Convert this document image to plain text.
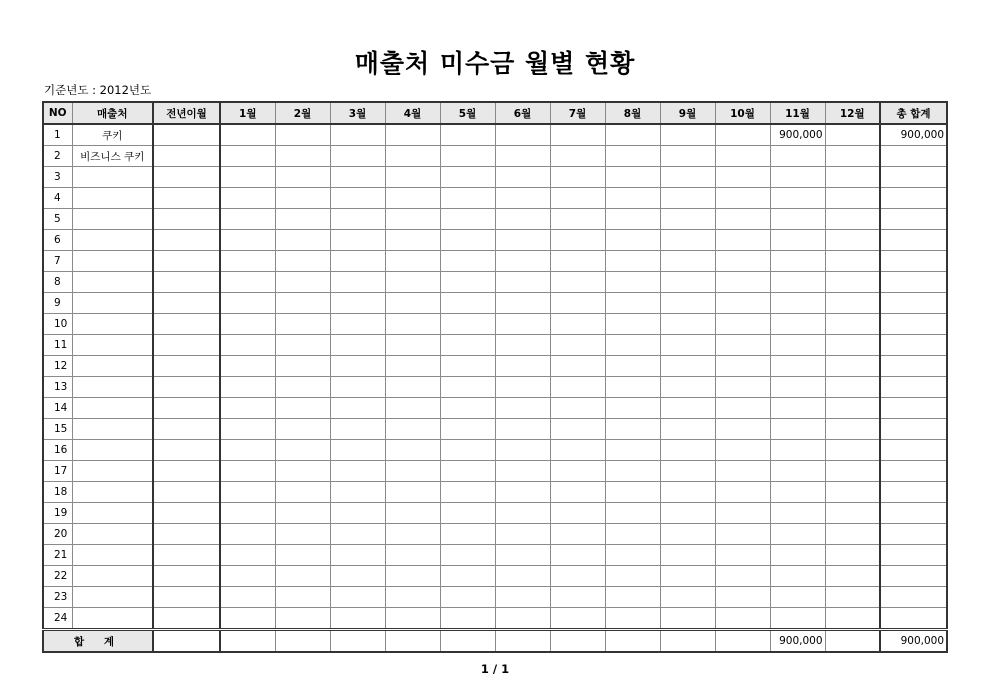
매출처 미수금 월별 현황
기준년도 : 2012년도
NO	매출처	전년이월	1월	2월	3월	4월	5월	6월	7월	8월	9월	10월	11월	12월	총 합계
1	쿠키												900,000		900,000
2	비즈니스 쿠키														
3															
4															
5															
6															
7															
8															
9															
10															
11															
12															
13															
14															
15															
16															
17															
18															
19															
20															
21															
22															
23															
24															
합 계													900,000		900,000
1 / 1
